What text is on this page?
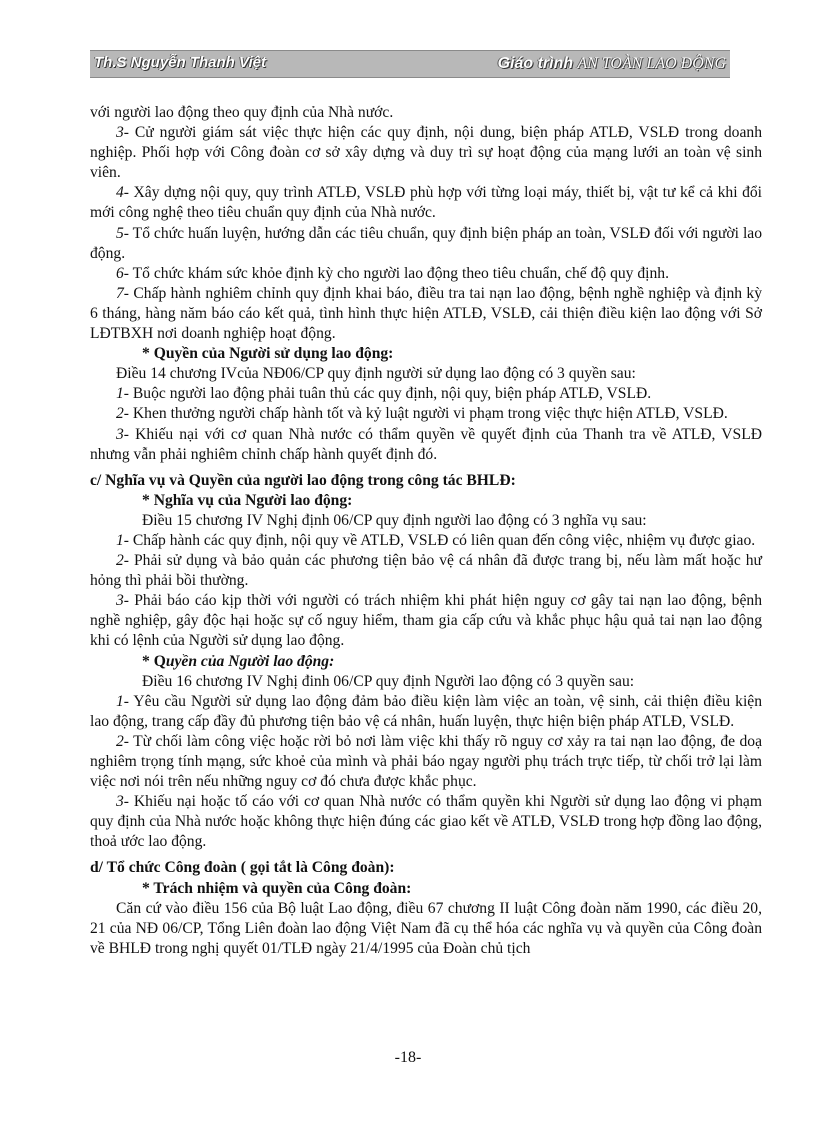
Th.S Nguyễn Thanh Việt	Giáo trình AN TOÀN LAO ĐỘNG

với người lao động theo quy định của Nhà nước.

3- Cử người giám sát việc thực hiện các quy định, nội dung, biện pháp ATLĐ, VSLĐ trong doanh nghiệp. Phối hợp với Công đoàn cơ sở xây dựng và duy trì sự hoạt động của mạng lưới an toàn vệ sinh viên.

4- Xây dựng nội quy, quy trình ATLĐ, VSLĐ phù hợp với từng loại máy, thiết bị, vật tư kể cả khi đổi mới công nghệ theo tiêu chuẩn quy định của Nhà nước.

5- Tổ chức huấn luyện, hướng dẫn các tiêu chuẩn, quy định biện pháp an toàn, VSLĐ đối với người lao động.

6- Tổ chức khám sức khỏe định kỳ cho người lao động theo tiêu chuẩn, chế độ quy định.

7- Chấp hành nghiêm chỉnh quy định khai báo, điều tra tai nạn lao động, bệnh nghề nghiệp và định kỳ 6 tháng, hàng năm báo cáo kết quả, tình hình thực hiện ATLĐ, VSLĐ, cải thiện điều kiện lao động với Sở LĐTBXH nơi doanh nghiệp hoạt động.

* Quyền của Người sử dụng lao động:

Điều 14 chương IVcủa NĐ06/CP quy định người sử dụng lao động có 3 quyền sau:

1- Buộc người lao động phải tuân thủ các quy định, nội quy, biện pháp ATLĐ, VSLĐ.

2- Khen thưởng người chấp hành tốt và kỷ luật người vi phạm trong việc thực hiện ATLĐ, VSLĐ.

3- Khiếu nại với cơ quan Nhà nước có thẩm quyền về quyết định của Thanh tra về ATLĐ, VSLĐ nhưng vẫn phải nghiêm chỉnh chấp hành quyết định đó.

c/ Nghĩa vụ và Quyền của người lao động trong công tác BHLĐ:

* Nghĩa vụ của Người lao động:

Điều 15 chương IV Nghị định 06/CP quy định người lao động có 3 nghĩa vụ sau:

1- Chấp hành các quy định, nội quy về ATLĐ, VSLĐ có liên quan đến công việc, nhiệm vụ được giao.

2- Phải sử dụng và bảo quản các phương tiện bảo vệ cá nhân đã được trang bị, nếu làm mất hoặc hư hỏng thì phải bồi thường.

3- Phải báo cáo kịp thời với người có trách nhiệm khi phát hiện nguy cơ gây tai nạn lao động, bệnh nghề nghiệp, gây độc hại hoặc sự cố nguy hiểm, tham gia cấp cứu và khắc phục hậu quả tai nạn lao động khi có lệnh của Người sử dụng lao động.

* Quyền của Người lao động:

Điều 16 chương IV Nghị đinh 06/CP quy định Người lao động có 3 quyền sau:

1- Yêu cầu Người sử dụng lao động đảm bảo điều kiện làm việc an toàn, vệ sinh, cải thiện điều kiện lao động, trang cấp đầy đủ phương tiện bảo vệ cá nhân, huấn luyện, thực hiện biện pháp ATLĐ, VSLĐ.

2- Từ chối làm công việc hoặc rời bỏ nơi làm việc khi thấy rõ nguy cơ xảy ra tai nạn lao động, đe doạ nghiêm trọng tính mạng, sức khoẻ của mình và phải báo ngay người phụ trách trực tiếp, từ chối trở lại làm việc nơi nói trên nếu những nguy cơ đó chưa được khắc phục.

3- Khiếu nại hoặc tố cáo với cơ quan Nhà nước có thẩm quyền khi Người sử dụng lao động vi phạm quy định của Nhà nước hoặc không thực hiện đúng các giao kết về ATLĐ, VSLĐ trong hợp đồng lao động, thoả ước lao động.

d/ Tổ chức Công đoàn ( gọi tắt là Công đoàn):

* Trách nhiệm và quyền của Công đoàn:

Căn cứ vào điều 156 của Bộ luật Lao động, điều 67 chương II luật Công đoàn năm 1990, các điều 20, 21 của NĐ 06/CP, Tổng Liên đoàn lao động Việt Nam đã cụ thể hóa các nghĩa vụ và quyền của Công đoàn về BHLĐ trong nghị quyết 01/TLĐ ngày 21/4/1995 của Đoàn chủ tịch

-18-
